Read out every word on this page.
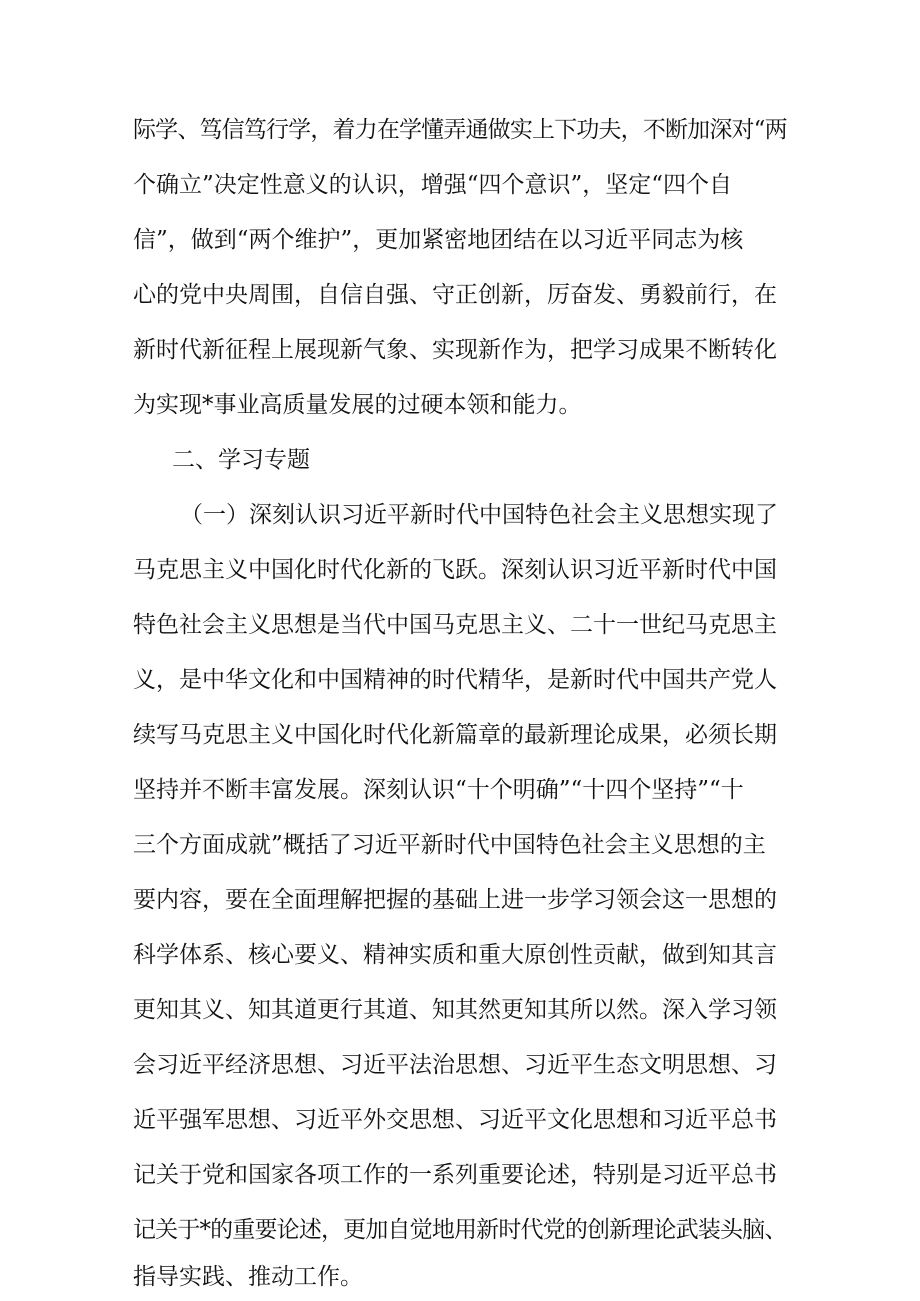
际学、笃信笃行学，着力在学懂弄通做实上下功夫，不断加深对“两
个确立”决定性意义的认识，增强“四个意识”，坚定“四个自
信”，做到“两个维护”，更加紧密地团结在以习近平同志为核
心的党中央周围，自信自强、守正创新，厉奋发、勇毅前行，在
新时代新征程上展现新气象、实现新作为，把学习成果不断转化
为实现*事业高质量发展的过硬本领和能力。
二、学习专题
（一）深刻认识习近平新时代中国特色社会主义思想实现了
马克思主义中国化时代化新的飞跃。深刻认识习近平新时代中国
特色社会主义思想是当代中国马克思主义、二十一世纪马克思主
义，是中华文化和中国精神的时代精华，是新时代中国共产党人
续写马克思主义中国化时代化新篇章的最新理论成果，必须长期
坚持并不断丰富发展。深刻认识“十个明确”“十四个坚持”“十
三个方面成就”概括了习近平新时代中国特色社会主义思想的主
要内容，要在全面理解把握的基础上进一步学习领会这一思想的
科学体系、核心要义、精神实质和重大原创性贡献，做到知其言
更知其义、知其道更行其道、知其然更知其所以然。深入学习领
会习近平经济思想、习近平法治思想、习近平生态文明思想、习
近平强军思想、习近平外交思想、习近平文化思想和习近平总书
记关于党和国家各项工作的一系列重要论述，特别是习近平总书
记关于*的重要论述，更加自觉地用新时代党的创新理论武装头脑、
指导实践、推动工作。
